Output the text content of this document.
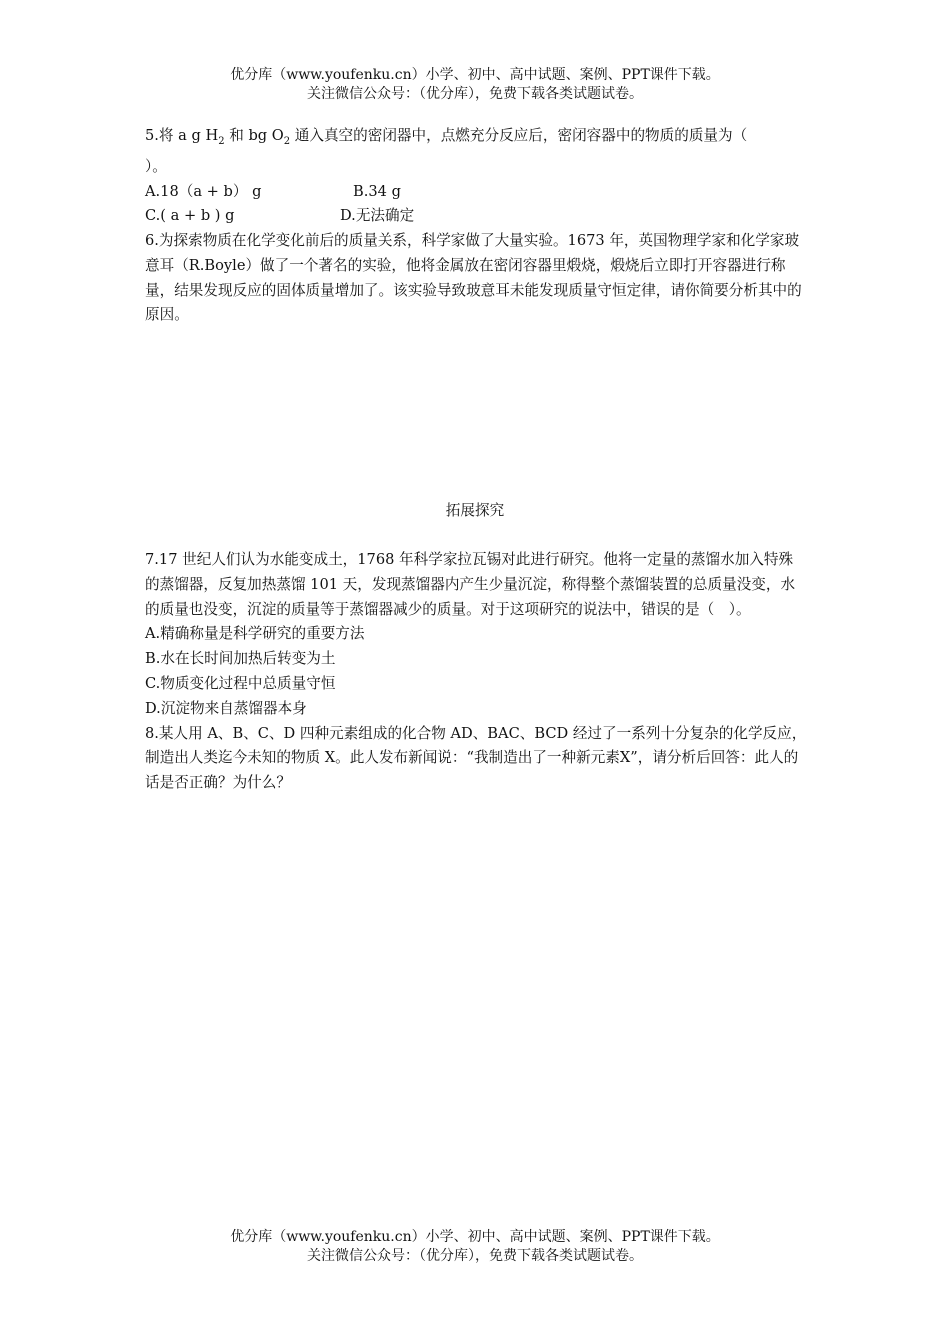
优分库（www.youfenku.cn）小学、初中、高中试题、案例、PPT课件下载。

关注微信公众号：（优分库），免费下载各类试题试卷。

5.将 a g $H_2$ 和 bg $O_2$ 通入真空的密闭器中，点燃充分反应后，密闭容器中的物质的质量为（

）。

A.18（a + b） g	B.34 g
C.( a + b ) g	D.无法确定

6.为探索物质在化学变化前后的质量关系，科学家做了大量实验。1673 年，英国物理学家和化学家玻意耳（R.Boyle）做了一个著名的实验，他将金属放在密闭容器里煅烧，煅烧后立即打开容器进行称量，结果发现反应的固体质量增加了。该实验导致玻意耳未能发现质量守恒定律，请你简要分析其中的原因。

拓展探究

7.17 世纪人们认为水能变成土，1768 年科学家拉瓦锡对此进行研究。他将一定量的蒸馏水加入特殊的蒸馏器，反复加热蒸馏 101 天，发现蒸馏器内产生少量沉淀，称得整个蒸馏装置的总质量没变，水的质量也没变，沉淀的质量等于蒸馏器减少的质量。对于这项研究的说法中，错误的是（　）。

A.精确称量是科学研究的重要方法

B.水在长时间加热后转变为土

C.物质变化过程中总质量守恒

D.沉淀物来自蒸馏器本身

8.某人用 A、B、C、D 四种元素组成的化合物 AD、BAC、BCD 经过了一系列十分复杂的化学反应，制造出人类迄今未知的物质 X。此人发布新闻说：“我制造出了一种新元素X”，请分析后回答：此人的话是否正确？为什么？

优分库（www.youfenku.cn）小学、初中、高中试题、案例、PPT课件下载。

关注微信公众号：（优分库），免费下载各类试题试卷。
